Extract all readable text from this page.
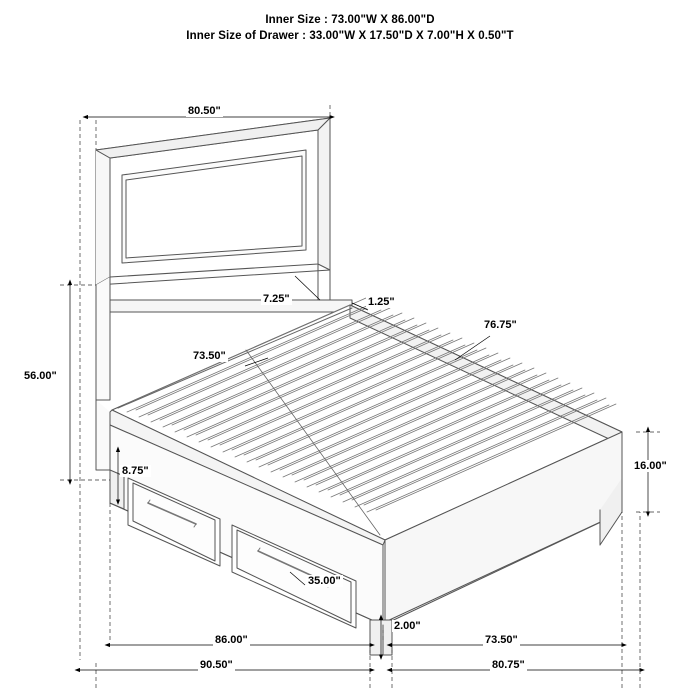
Inner Size : 73.00"W X 86.00"D
Inner Size of Drawer : 33.00"W X 17.50"D X 7.00"H X 0.50"T
80.50"
7.25"	1.25"
76.75"
73.50"
56.00"
8.75"	16.00"
35.00"
2.00"
86.00"	73.50"
90.50"	80.75"
